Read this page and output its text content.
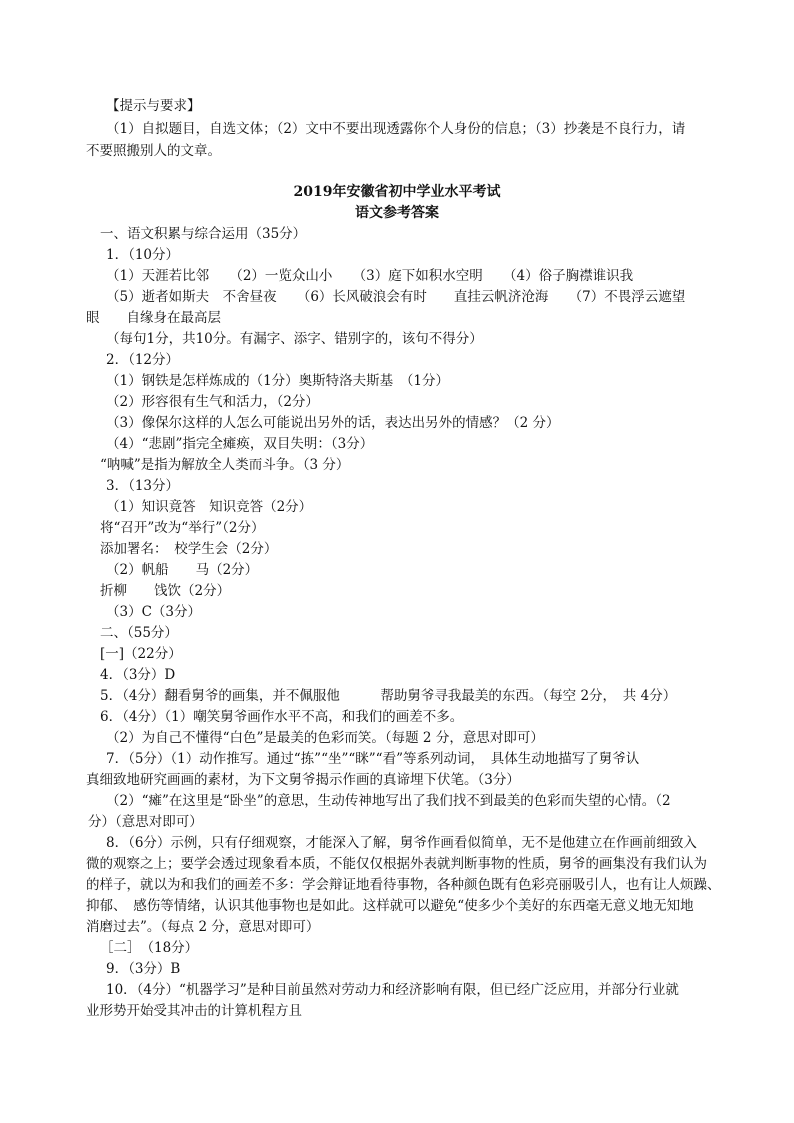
【提示与要求】
（1）自拟题目，自选文体；（2）文中不要出现透露你个人身份的信息；（3）抄袭是不良行力，请
不要照搬别人的文章。
2019年安徽省初中学业水平考试
语文参考答案
一、语文积累与综合运用（35分）
1．（10分）
（1）天涯若比邻　　（2）一览众山小　　（3）庭下如积水空明　　（4）俗子胸襟谁识我
（5）逝者如斯夫　不舍昼夜　　（6）长风破浪会有时　　直挂云帆济沧海　　（7）不畏浮云遮望
眼　　自缘身在最高层
（每句1分，共10分。有漏字、添字、错别字的，该句不得分）
2．（12分）
（1）钢铁是怎样炼成的（1分）奥斯特洛夫斯基　（1分）
（2）形容很有生气和活力，（2分）
（3）像保尔这样的人怎么可能说出另外的话，表达出另外的情感？（2 分）
（4）“悲剧”指完全瘫痪，双目失明：（3分）
“呐喊”是指为解放全人类而斗争。（3 分）
3．（13分）
（1）知识竟答　知识竞答（2分）
将“召开”改为“举行”（2分）
添加署名：　校学生会（2分）
（2）帆船　　马（2分）
折柳　　饯饮（2分）
（3）C（3分）
二、（55分）
[一]（22分）
4．（3分）D
5．（4分）翻看舅爷的画集，并不佩服他　　　帮助舅爷寻我最美的东西。（每空 2分，　共 4分）
6．（4分）（1）嘲笑舅爷画作水平不高，和我们的画差不多。
（2）为自己不懂得“白色”是最美的色彩而笑。（每题 2 分，意思对即可）
7．（5分）（1）动作推写。通过“拣”“坐”“眯”“看”等系列动词，　具体生动地描写了舅爷认
真细致地研究画画的素材，为下文舅爷揭示作画的真谛埋下伏笔。（3分）
（2）“瘫”在这里是“卧坐”的意思，生动传神地写出了我们找不到最美的色彩而失望的心情。（2
分）（意思对即可）
8．（6分）示例，只有仔细观察，才能深入了解，舅爷作画看似简单，无不是他建立在作画前细致入
微的观察之上；要学会透过现象看本质，不能仅仅根据外表就判断事物的性质，舅爷的画集没有我们认为
的样子，就以为和我们的画差不多：学会辩证地看待事物，各种颜色既有色彩亮丽吸引人，也有让人烦躁、
抑郁、　感伤等情绪，认识其他事物也是如此。这样就可以避免“使多少个美好的东西毫无意义地无知地
消磨过去”。（每点 2 分，意思对即可）
［二］　（18分）
9．（3分）B
10．（4分）“机器学习”是种目前虽然对劳动力和经济影响有限，但已经广泛应用，并部分行业就
业形势开始受其冲击的计算机程方且
